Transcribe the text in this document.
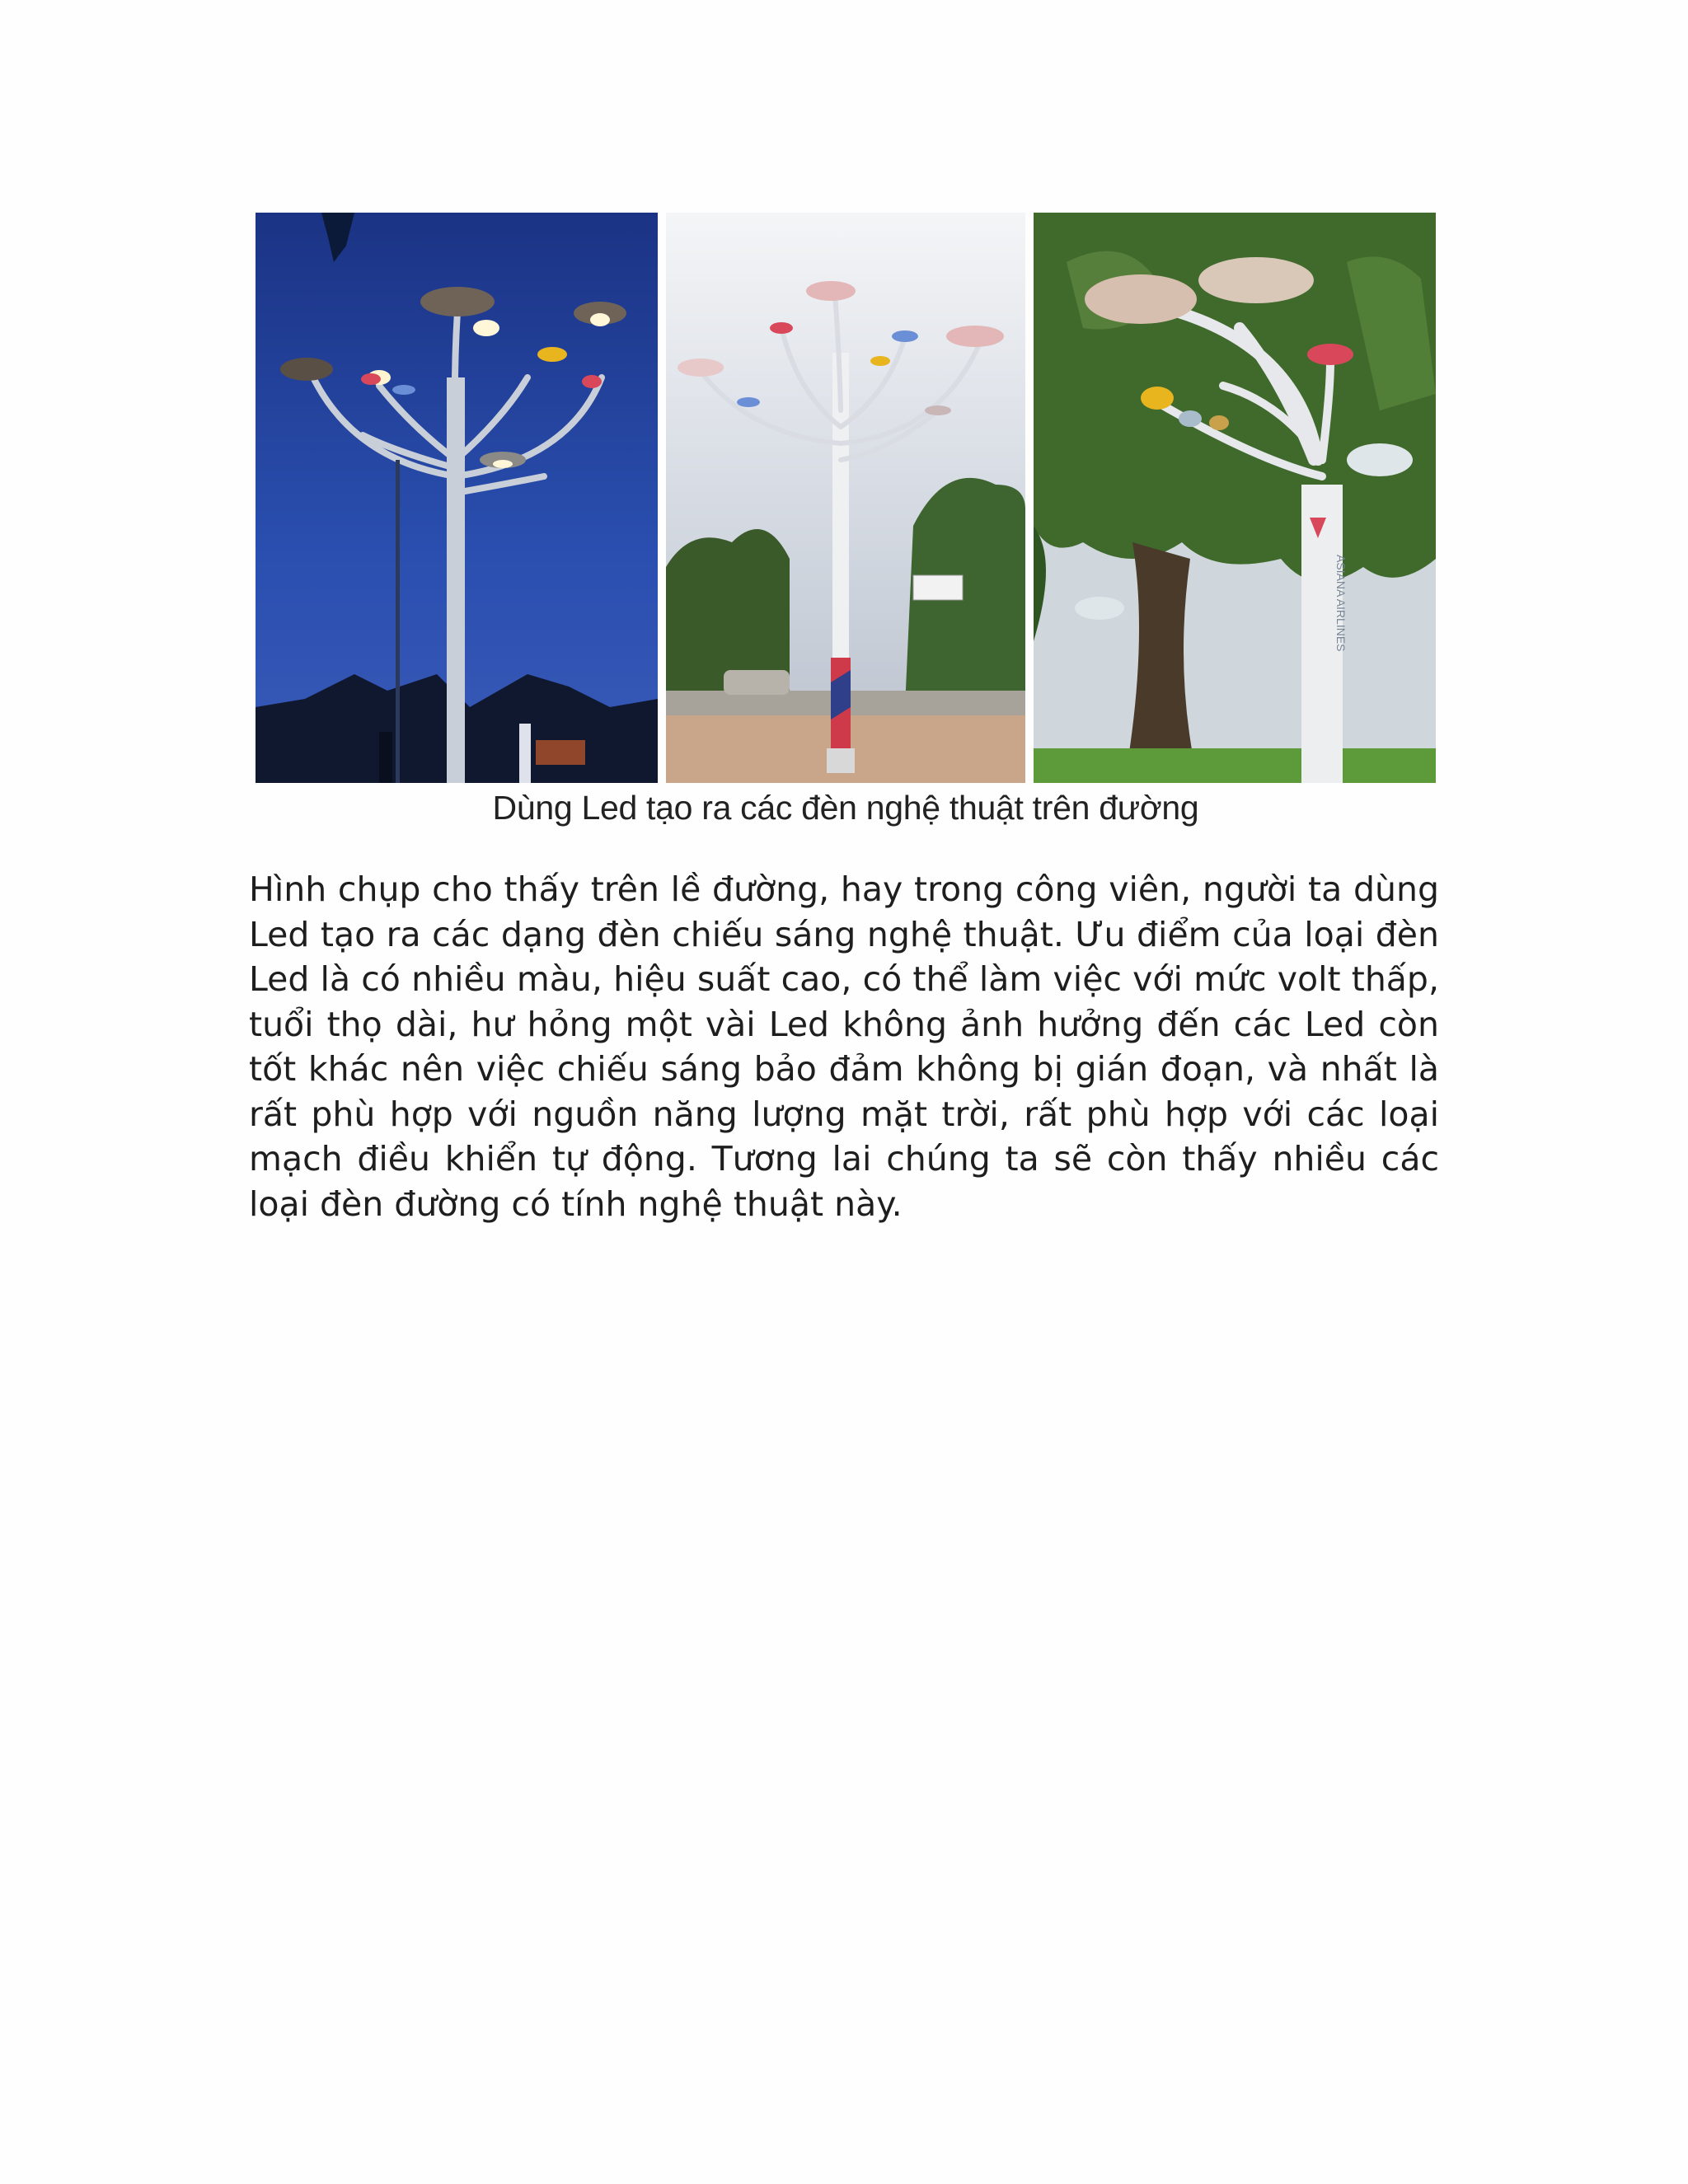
ASIANA AIRLINES
Dùng Led tạo ra các đèn nghệ thuật trên đường

Hình chụp cho thấy trên lề đường, hay trong công viên, người ta dùng Led tạo ra các dạng đèn chiếu sáng nghệ thuật. Ưu điểm của loại đèn Led là có nhiều màu, hiệu suất cao, có thể làm việc với mức volt thấp, tuổi thọ dài, hư hỏng một vài Led không ảnh hưởng đến các Led còn tốt khác nên việc chiếu sáng bảo đảm không bị gián đoạn, và nhất là rất phù hợp với nguồn năng lượng mặt trời, rất phù hợp với các loại mạch điều khiển tự động. Tương lai chúng ta sẽ còn thấy nhiều các loại đèn đường có tính nghệ thuật này.
